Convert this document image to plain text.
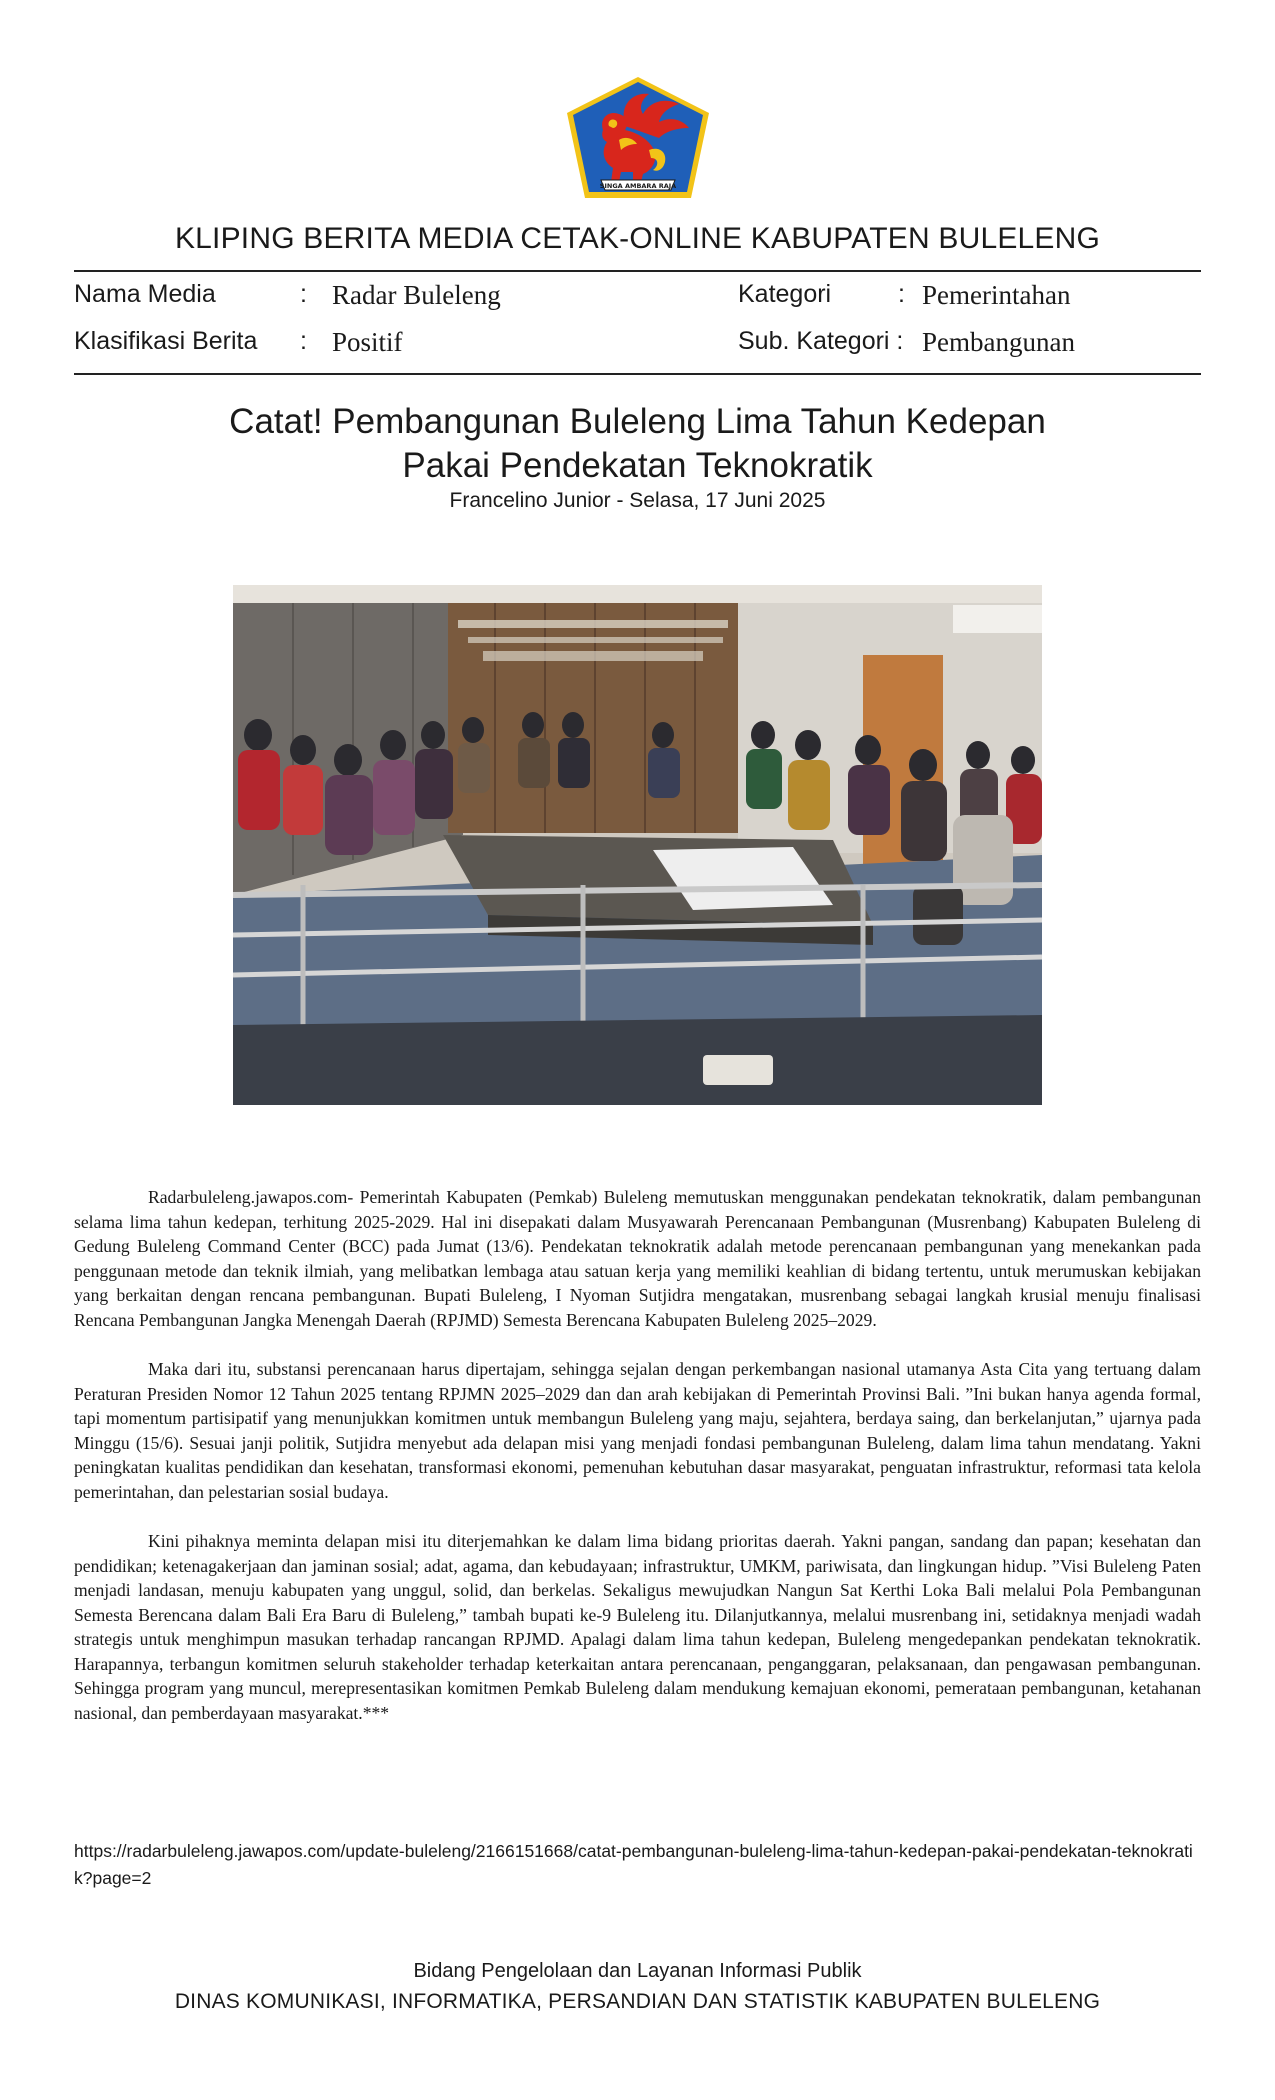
SINGA AMBARA RAJA
KLIPING BERITA MEDIA CETAK-ONLINE KABUPATEN BULELENG
Nama Media	: Radar Buleleng	Kategori	: Pemerintahan
Klasifikasi Berita : Positif	Sub. Kategori : Pembangunan
Catat! Pembangunan Buleleng Lima Tahun Kedepan
Pakai Pendekatan Teknokratik
Francelino Junior - Selasa, 17 Juni 2025

Radarbuleleng.jawapos.com- Pemerintah Kabupaten (Pemkab) Buleleng memutuskan menggunakan pendekatan teknokratik, dalam pembangunan selama lima tahun kedepan, terhitung 2025-2029. Hal ini disepakati dalam Musyawarah Perencanaan Pembangunan (Musrenbang) Kabupaten Buleleng di Gedung Buleleng Command Center (BCC) pada Jumat (13/6). Pendekatan teknokratik adalah metode perencanaan pembangunan yang menekankan pada penggunaan metode dan teknik ilmiah, yang melibatkan lembaga atau satuan kerja yang memiliki keahlian di bidang tertentu, untuk merumuskan kebijakan yang berkaitan dengan rencana pembangunan. Bupati Buleleng, I Nyoman Sutjidra mengatakan, musrenbang sebagai langkah krusial menuju finalisasi Rencana Pembangunan Jangka Menengah Daerah (RPJMD) Semesta Berencana Kabupaten Buleleng 2025–2029.

Maka dari itu, substansi perencanaan harus dipertajam, sehingga sejalan dengan perkembangan nasional utamanya Asta Cita yang tertuang dalam Peraturan Presiden Nomor 12 Tahun 2025 tentang RPJMN 2025–2029 dan dan arah kebijakan di Pemerintah Provinsi Bali. ”Ini bukan hanya agenda formal, tapi momentum partisipatif yang menunjukkan komitmen untuk membangun Buleleng yang maju, sejahtera, berdaya saing, dan berkelanjutan,” ujarnya pada Minggu (15/6). Sesuai janji politik, Sutjidra menyebut ada delapan misi yang menjadi fondasi pembangunan Buleleng, dalam lima tahun mendatang. Yakni peningkatan kualitas pendidikan dan kesehatan, transformasi ekonomi, pemenuhan kebutuhan dasar masyarakat, penguatan infrastruktur, reformasi tata kelola pemerintahan, dan pelestarian sosial budaya.

Kini pihaknya meminta delapan misi itu diterjemahkan ke dalam lima bidang prioritas daerah. Yakni pangan, sandang dan papan; kesehatan dan pendidikan; ketenagakerjaan dan jaminan sosial; adat, agama, dan kebudayaan; infrastruktur, UMKM, pariwisata, dan lingkungan hidup. ”Visi Buleleng Paten menjadi landasan, menuju kabupaten yang unggul, solid, dan berkelas. Sekaligus mewujudkan Nangun Sat Kerthi Loka Bali melalui Pola Pembangunan Semesta Berencana dalam Bali Era Baru di Buleleng,” tambah bupati ke-9 Buleleng itu. Dilanjutkannya, melalui musrenbang ini, setidaknya menjadi wadah strategis untuk menghimpun masukan terhadap rancangan RPJMD. Apalagi dalam lima tahun kedepan, Buleleng mengedepankan pendekatan teknokratik. Harapannya, terbangun komitmen seluruh stakeholder terhadap keterkaitan antara perencanaan, penganggaran, pelaksanaan, dan pengawasan pembangunan. Sehingga program yang muncul, merepresentasikan komitmen Pemkab Buleleng dalam mendukung kemajuan ekonomi, pemerataan pembangunan, ketahanan nasional, dan pemberdayaan masyarakat.***

https://radarbuleleng.jawapos.com/update-buleleng/2166151668/catat-pembangunan-buleleng-lima-tahun-kedepan-pakai-pendekatan-teknokratik?page=2
Bidang Pengelolaan dan Layanan Informasi Publik
DINAS KOMUNIKASI, INFORMATIKA, PERSANDIAN DAN STATISTIK KABUPATEN BULELENG
